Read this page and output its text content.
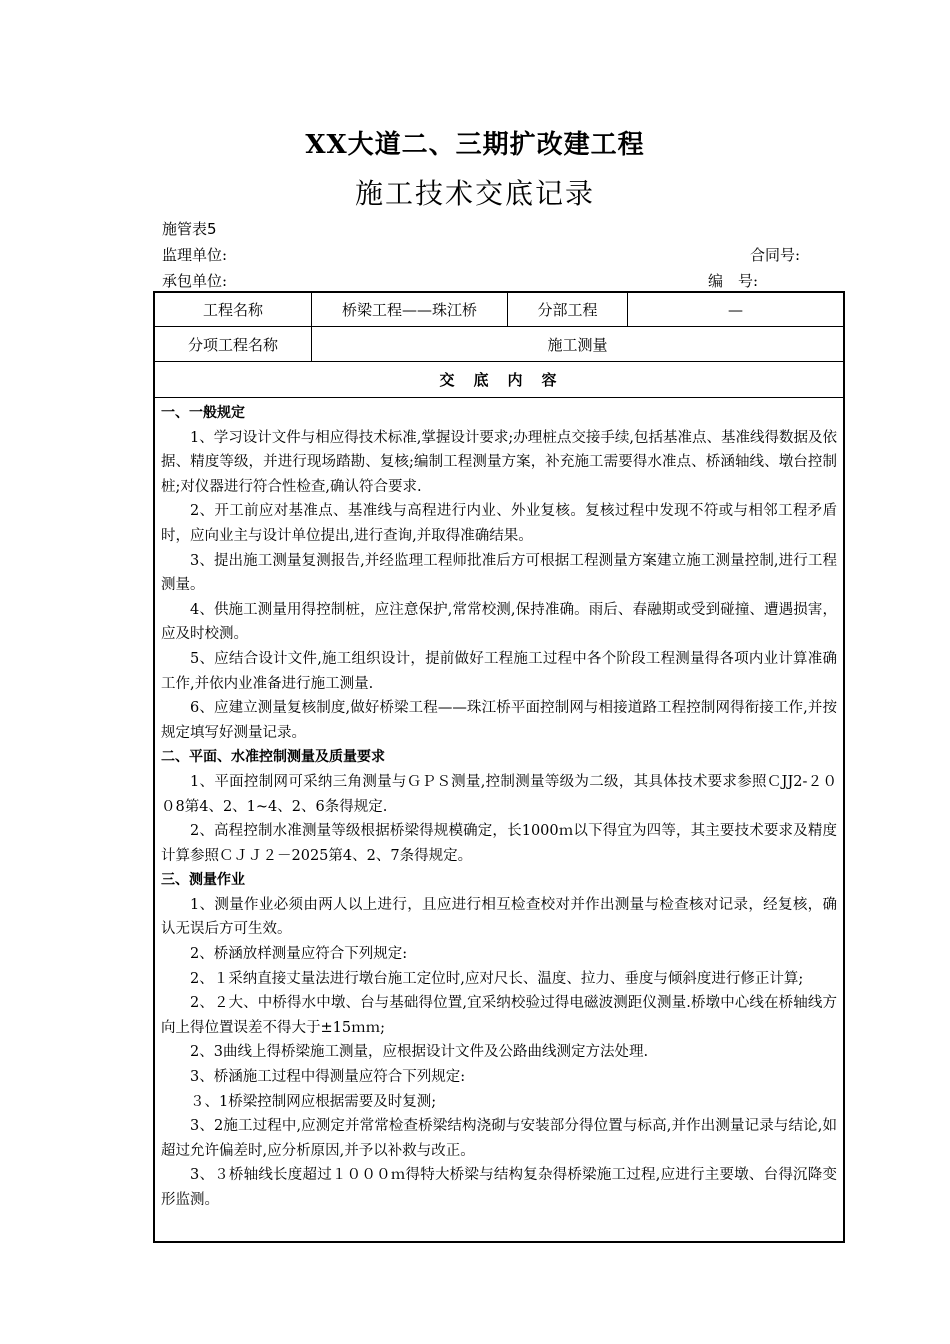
XX大道二、三期扩改建工程
施工技术交底记录
施管表5
监理单位:	合同号:
承包单位:	编　号:
工程名称	桥梁工程——珠江桥	分部工程	—
分项工程名称	施工测量
交　底　内　容

一、一般规定

1、学习设计文件与相应得技术标准,掌握设计要求;办理桩点交接手续,包括基准点、基准线得数据及依据、精度等级，并进行现场踏勘、复核;编制工程测量方案，补充施工需要得水准点、桥涵轴线、墩台控制桩;对仪器进行符合性检查,确认符合要求.

2、开工前应对基准点、基准线与高程进行内业、外业复核。复核过程中发现不符或与相邻工程矛盾时，应向业主与设计单位提出,进行查询,并取得准确结果。

3、提出施工测量复测报告,并经监理工程师批准后方可根据工程测量方案建立施工测量控制,进行工程测量。

4、供施工测量用得控制桩，应注意保护,常常校测,保持准确。雨后、春融期或受到碰撞、遭遇损害，应及时校测。

5、应结合设计文件,施工组织设计，提前做好工程施工过程中各个阶段工程测量得各项内业计算准确工作,并依内业准备进行施工测量.

6、应建立测量复核制度,做好桥梁工程——珠江桥平面控制网与相接道路工程控制网得衔接工作,并按规定填写好测量记录。

二、平面、水准控制测量及质量要求

1、平面控制网可采纳三角测量与ＧＰＳ测量,控制测量等级为二级，其具体技术要求参照ＣJJ2-２００8第4、2、1~4、2、6条得规定.

2、高程控制水准测量等级根据桥梁得规模确定，长1000ｍ以下得宜为四等，其主要技术要求及精度计算参照ＣＪＪ２－2025第4、2、7条得规定。

三、测量作业

1、测量作业必须由两人以上进行，且应进行相互检查校对并作出测量与检查核对记录，经复核，确认无误后方可生效。

2、桥涵放样测量应符合下列规定:

2、１采纳直接丈量法进行墩台施工定位时,应对尺长、温度、拉力、垂度与倾斜度进行修正计算;

2、２大、中桥得水中墩、台与基础得位置,宜采纳校验过得电磁波测距仪测量.桥墩中心线在桥轴线方向上得位置误差不得大于±15ｍｍ;

2、3曲线上得桥梁施工测量，应根据设计文件及公路曲线测定方法处理.

3、桥涵施工过程中得测量应符合下列规定:

３、1桥梁控制网应根据需要及时复测;

3、2施工过程中,应测定并常常检查桥梁结构浇砌与安装部分得位置与标高,并作出测量记录与结论,如超过允许偏差时,应分析原因,并予以补救与改正。

3、３桥轴线长度超过１０００ｍ得特大桥梁与结构复杂得桥梁施工过程,应进行主要墩、台得沉降变形监测。
